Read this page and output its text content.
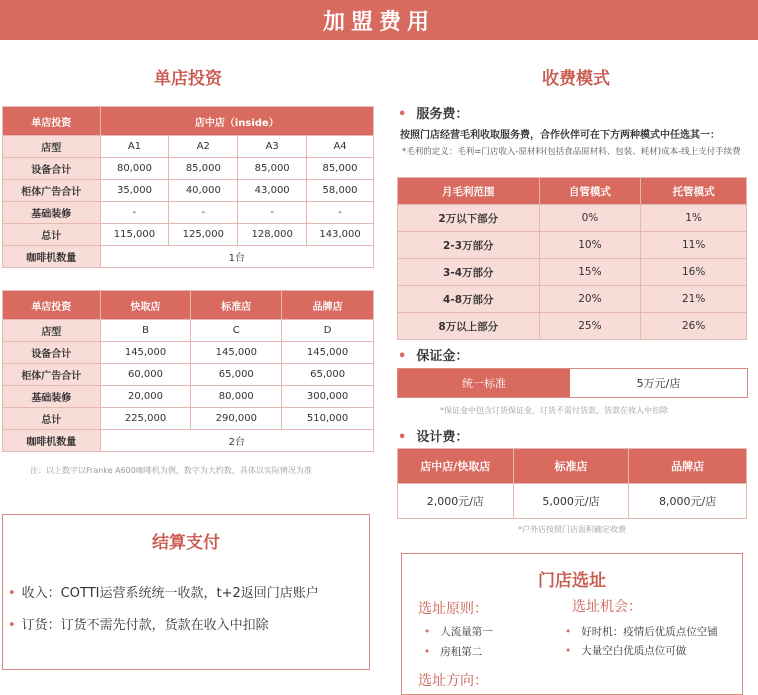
加盟费用
单店投资
单店投资	店中店（inside）			
店型	A1	A2	A3	A4
设备合计	80,000	85,000	85,000	85,000
柜体广告合计	35,000	40,000	43,000	58,000
基础装修	-	-	-	-
总计	115,000	125,000	128,000	143,000
咖啡机数量	1台			
单店投资	快取店	标准店	品牌店
店型	B	C	D
设备合计	145,000	145,000	145,000
柜体广告合计	60,000	65,000	65,000
基础装修	20,000	80,000	300,000
总计	225,000	290,000	510,000
咖啡机数量	2台		
注：以上数字以Franke A600咖啡机为例，数字为大约数，具体以实际情况为准
结算支付
• 收入：COTTI运营系统统一收款，t+2返回门店账户
• 订货：订货不需先付款，货款在收入中扣除
收费模式
• 服务费：
按照门店经营毛利收取服务费，合作伙伴可在下方两种模式中任选其一：
*毛利的定义：毛利=门店收入-原材料(包括食品原材料、包装、耗材)成本-线上支付手续费
月毛利范围	自管模式	托管模式
2万以下部分	0%	1%
2-3万部分	10%	11%
3-4万部分	15%	16%
4-8万部分	20%	21%
8万以上部分	25%	26%
• 保证金：
统一标准	5万元/店
*保证金中包含订货保证金，订货不需付货款，货款在收入中扣除
• 设计费：
店中店/快取店	标准店	品牌店
2,000元/店	5,000元/店	8,000元/店
*户外店按照门店面积确定收费
门店选址
选址原则：	选址机会：
• 人流量第一
• 房租第二
• 好时机：疫情后优质点位空铺
• 大量空白优质点位可做
选址方向：
